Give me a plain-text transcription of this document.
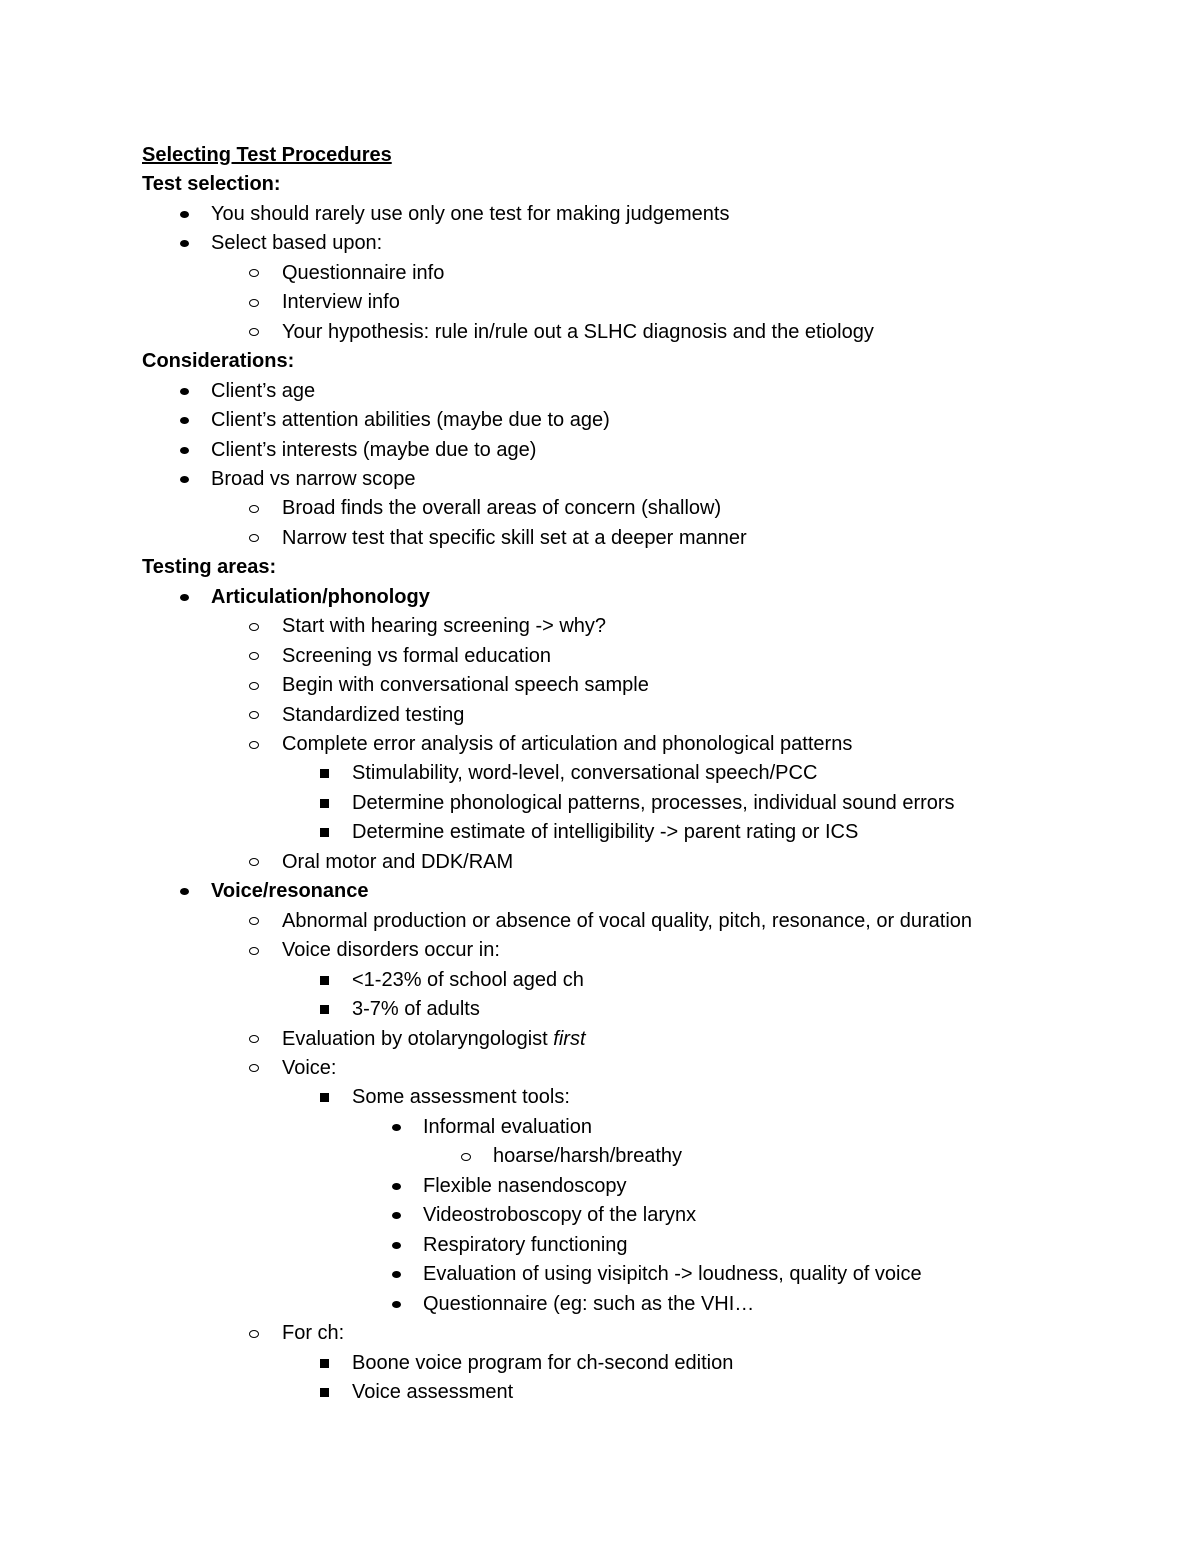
Selecting Test Procedures
Test selection:
You should rarely use only one test for making judgements
Select based upon:
Questionnaire info
Interview info
Your hypothesis: rule in/rule out a SLHC diagnosis and the etiology
Considerations:
Client’s age
Client’s attention abilities (maybe due to age)
Client’s interests (maybe due to age)
Broad vs narrow scope
Broad finds the overall areas of concern (shallow)
Narrow test that specific skill set at a deeper manner
Testing areas:
Articulation/phonology
Start with hearing screening -> why?
Screening vs formal education
Begin with conversational speech sample
Standardized testing
Complete error analysis of articulation and phonological patterns
Stimulability, word-level, conversational speech/PCC
Determine phonological patterns, processes, individual sound errors
Determine estimate of intelligibility -> parent rating or ICS
Oral motor and DDK/RAM
Voice/resonance
Abnormal production or absence of vocal quality, pitch, resonance, or duration
Voice disorders occur in:
<1-23% of school aged ch
3-7% of adults
Evaluation by otolaryngologist first
Voice:
Some assessment tools:
Informal evaluation
hoarse/harsh/breathy
Flexible nasendoscopy
Videostroboscopy of the larynx
Respiratory functioning
Evaluation of using visipitch -> loudness, quality of voice
Questionnaire (eg: such as the VHI…
For ch:
Boone voice program for ch-second edition
Voice assessment
